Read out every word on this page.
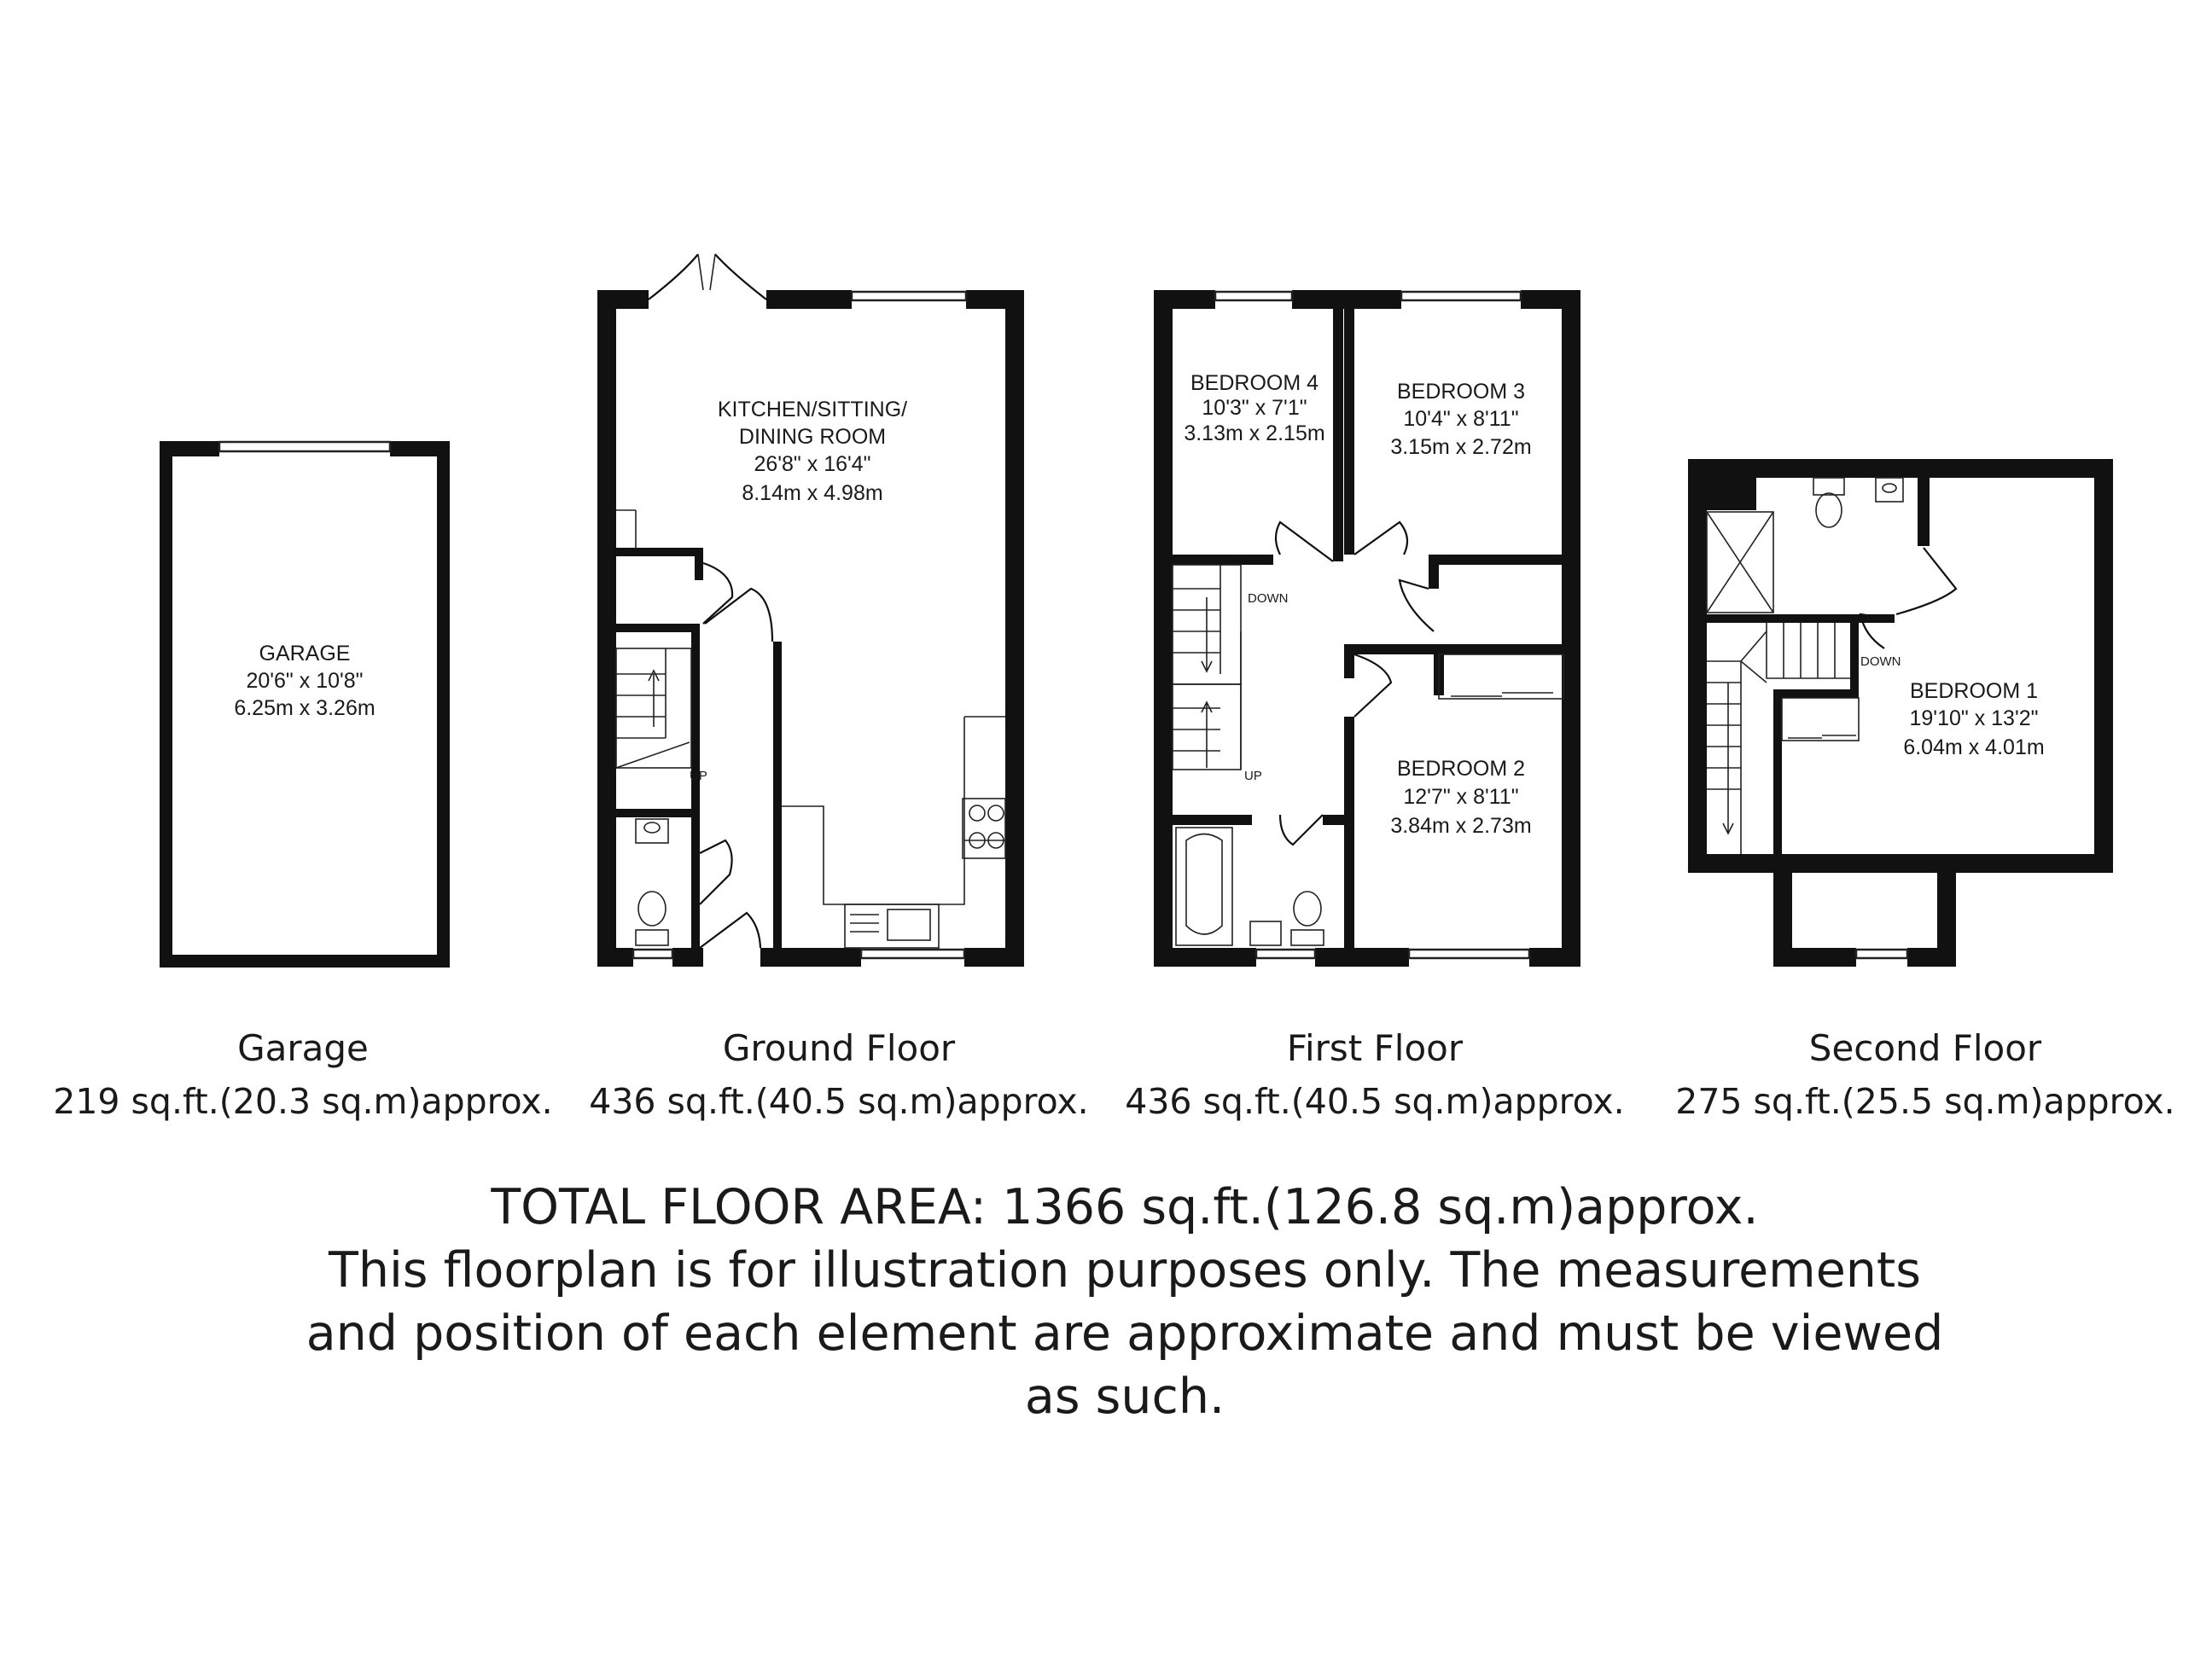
GARAGE
20'6" x 10'8"
6.25m x 3.26m
UP
KITCHEN/SITTING/
DINING ROOM
26'8" x 16'4"
8.14m x 4.98m
DOWN
UP
BEDROOM 4
10'3" x 7'1"
3.13m x 2.15m
BEDROOM 3
10'4" x 8'11"
3.15m x 2.72m
BEDROOM 2
12'7" x 8'11"
3.84m x 2.73m
DOWN
BEDROOM 1
19'10" x 13'2"
6.04m x 4.01m
Garage	Ground Floor	First Floor	Second Floor
219 sq.ft.(20.3 sq.m)approx. 436 sq.ft.(40.5 sq.m)approx. 436 sq.ft.(40.5 sq.m)approx. 275 sq.ft.(25.5 sq.m)approx.
TOTAL FLOOR AREA: 1366 sq.ft.(126.8 sq.m)approx.
This floorplan is for illustration purposes only. The measurements
and position of each element are approximate and must be viewed
as such.
